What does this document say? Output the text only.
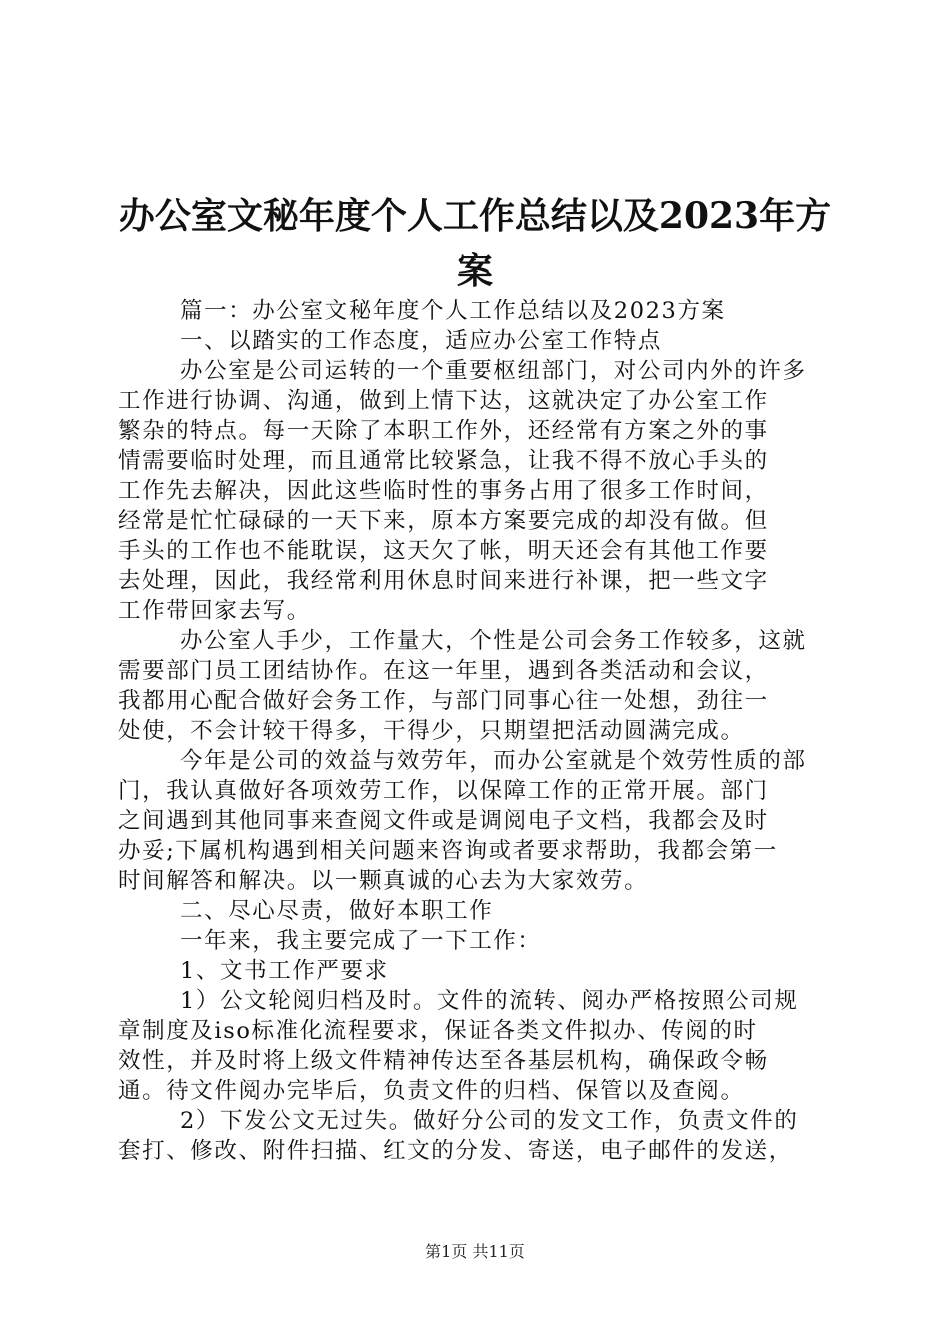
办公室文秘年度个人工作总结以及2023年方
案
篇一：办公室文秘年度个人工作总结以及2023方案
一、以踏实的工作态度，适应办公室工作特点
办公室是公司运转的一个重要枢纽部门，对公司内外的许多
工作进行协调、沟通，做到上情下达，这就决定了办公室工作
繁杂的特点。每一天除了本职工作外，还经常有方案之外的事
情需要临时处理，而且通常比较紧急，让我不得不放心手头的
工作先去解决，因此这些临时性的事务占用了很多工作时间，
经常是忙忙碌碌的一天下来，原本方案要完成的却没有做。但
手头的工作也不能耽误，这天欠了帐，明天还会有其他工作要
去处理，因此，我经常利用休息时间来进行补课，把一些文字
工作带回家去写。
办公室人手少，工作量大，个性是公司会务工作较多，这就
需要部门员工团结协作。在这一年里，遇到各类活动和会议，
我都用心配合做好会务工作，与部门同事心往一处想，劲往一
处使，不会计较干得多，干得少，只期望把活动圆满完成。
今年是公司的效益与效劳年，而办公室就是个效劳性质的部
门，我认真做好各项效劳工作，以保障工作的正常开展。部门
之间遇到其他同事来查阅文件或是调阅电子文档，我都会及时
办妥;下属机构遇到相关问题来咨询或者要求帮助，我都会第一
时间解答和解决。以一颗真诚的心去为大家效劳。
二、尽心尽责，做好本职工作
一年来，我主要完成了一下工作：
1、文书工作严要求
1）公文轮阅归档及时。文件的流转、阅办严格按照公司规
章制度及iso标准化流程要求，保证各类文件拟办、传阅的时
效性，并及时将上级文件精神传达至各基层机构，确保政令畅
通。待文件阅办完毕后，负责文件的归档、保管以及查阅。
2）下发公文无过失。做好分公司的发文工作，负责文件的
套打、修改、附件扫描、红文的分发、寄送，电子邮件的发送，
第1页 共11页
